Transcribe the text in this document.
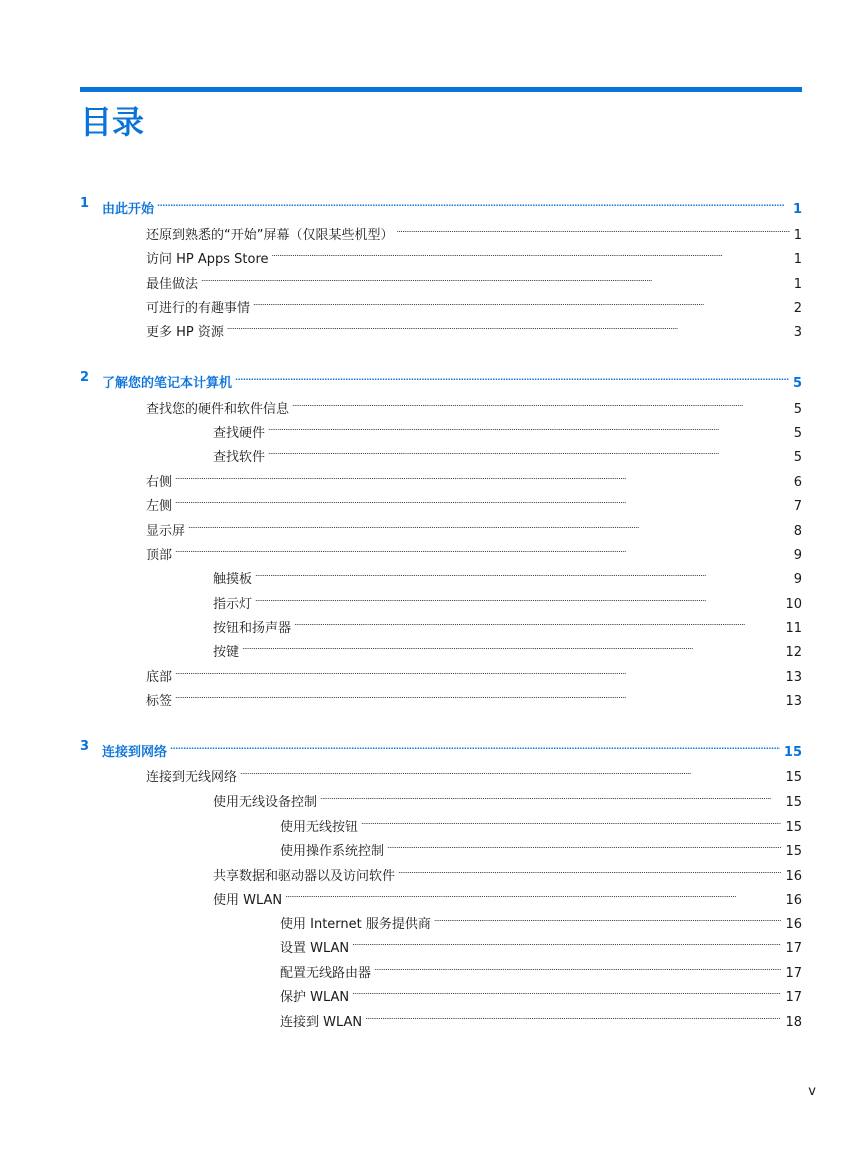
目录
1 由此开始 . . .	1
还原到熟悉的“开始”屏幕（仅限某些机型） . . .	1
访问 HP Apps Store . . .	1
最佳做法 . . .	1
可进行的有趣事情 . . .	2
更多 HP 资源 . . .	3
2 了解您的笔记本计算机 . . .	5
查找您的硬件和软件信息 . . .	5
查找硬件 . . .	5
查找软件 . . .	5
右侧 . . .	6
左侧 . . .	7
显示屏 . . .	8
顶部 . . .	9
触摸板 . . .	9
指示灯 . . .	10
按钮和扬声器 . . .	11
按键 . . .	12
底部 . . .	13
标签 . . .	13
3 连接到网络 . . .	15
连接到无线网络 . . .	15
使用无线设备控制 . . .	15
使用无线按钮 . . .	15
使用操作系统控制 . . .	15
共享数据和驱动器以及访问软件 . . .	16
使用 WLAN . . .	16
使用 Internet 服务提供商 . . .	16
设置 WLAN . . .	17
配置无线路由器 . . .	17
保护 WLAN . . .	17
连接到 WLAN . . .	18
v
